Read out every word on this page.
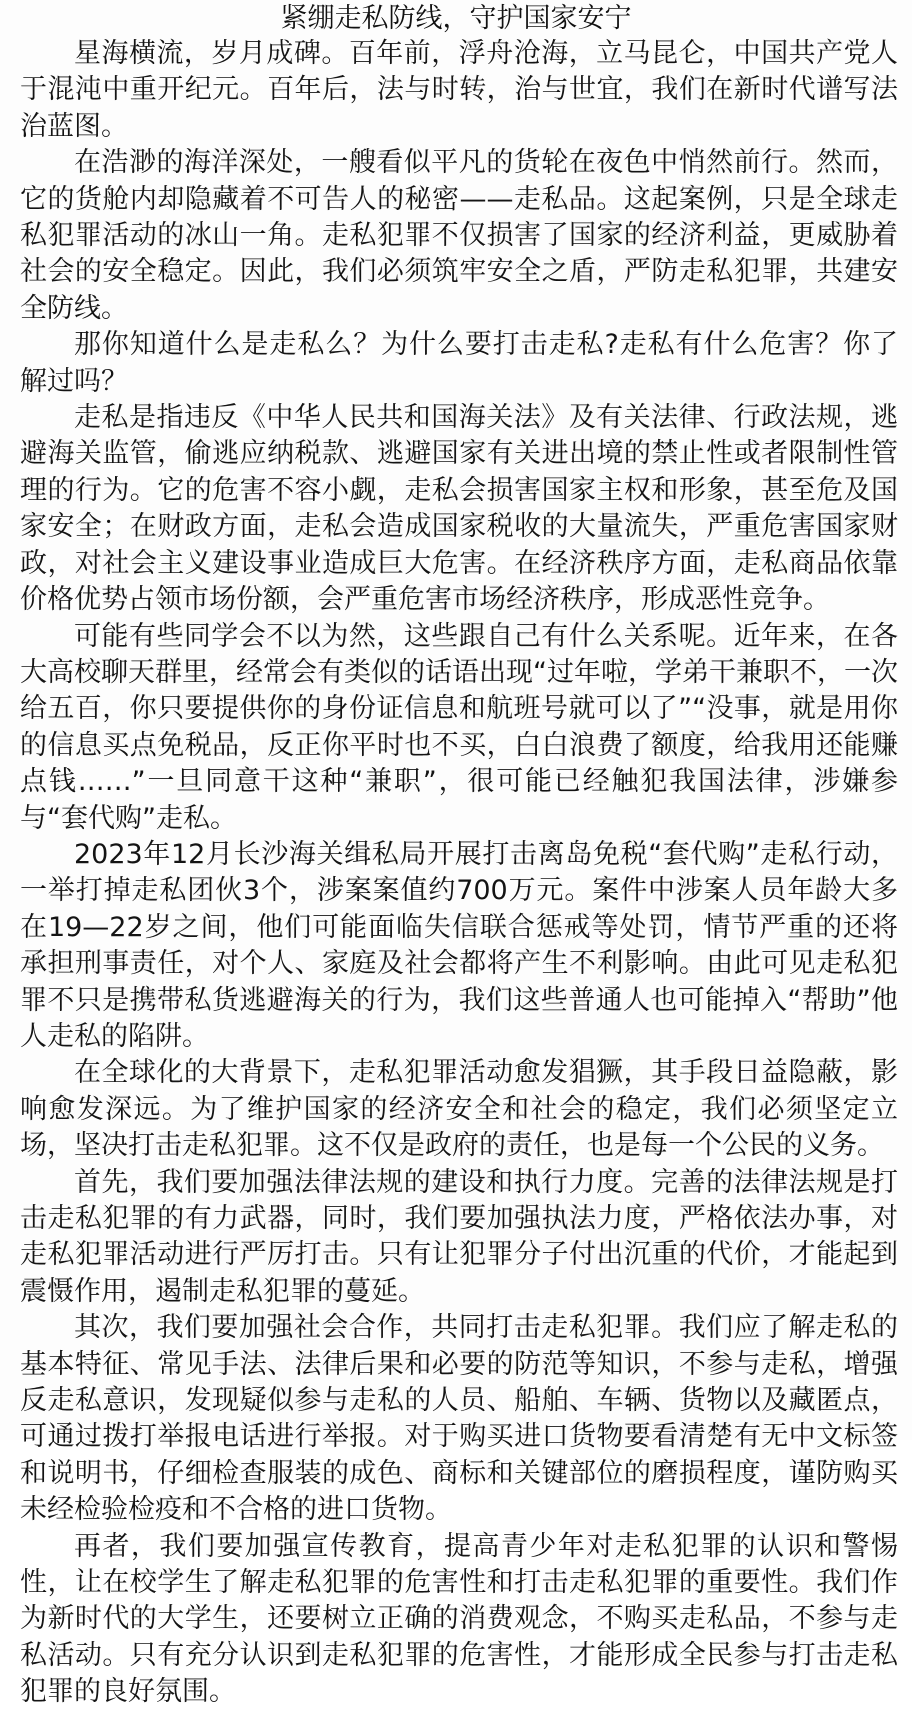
紧绷走私防线，守护国家安宁

星海横流，岁月成碑。百年前，浮舟沧海，立马昆仑，中国共产党人于混沌中重开纪元。百年后，法与时转，治与世宜，我们在新时代谱写法治蓝图。

在浩渺的海洋深处，一艘看似平凡的货轮在夜色中悄然前行。然而，它的货舱内却隐藏着不可告人的秘密——走私品。这起案例，只是全球走私犯罪活动的冰山一角。走私犯罪不仅损害了国家的经济利益，更威胁着社会的安全稳定。因此，我们必须筑牢安全之盾，严防走私犯罪，共建安全防线。

那你知道什么是走私么？为什么要打击走私?走私有什么危害？你了解过吗？

走私是指违反《中华人民共和国海关法》及有关法律、行政法规，逃避海关监管，偷逃应纳税款、逃避国家有关进出境的禁止性或者限制性管理的行为。它的危害不容小觑，走私会损害国家主权和形象，甚至危及国家安全；在财政方面，走私会造成国家税收的大量流失，严重危害国家财政，对社会主义建设事业造成巨大危害。在经济秩序方面，走私商品依靠价格优势占领市场份额，会严重危害市场经济秩序，形成恶性竞争。

可能有些同学会不以为然，这些跟自己有什么关系呢。近年来，在各大高校聊天群里，经常会有类似的话语出现“过年啦，学弟干兼职不，一次给五百，你只要提供你的身份证信息和航班号就可以了”“没事，就是用你的信息买点免税品，反正你平时也不买，白白浪费了额度，给我用还能赚点钱……”一旦同意干这种“兼职”，很可能已经触犯我国法律，涉嫌参与“套代购”走私。

2023年12月长沙海关缉私局开展打击离岛免税“套代购”走私行动，一举打掉走私团伙3个，涉案案值约700万元。案件中涉案人员年龄大多在19—22岁之间，他们可能面临失信联合惩戒等处罚，情节严重的还将承担刑事责任，对个人、家庭及社会都将产生不利影响。由此可见走私犯罪不只是携带私货逃避海关的行为，我们这些普通人也可能掉入“帮助”他人走私的陷阱。

在全球化的大背景下，走私犯罪活动愈发猖獗，其手段日益隐蔽，影响愈发深远。为了维护国家的经济安全和社会的稳定，我们必须坚定立场，坚决打击走私犯罪。这不仅是政府的责任，也是每一个公民的义务。

首先，我们要加强法律法规的建设和执行力度。完善的法律法规是打击走私犯罪的有力武器，同时，我们要加强执法力度，严格依法办事，对走私犯罪活动进行严厉打击。只有让犯罪分子付出沉重的代价，才能起到震慑作用，遏制走私犯罪的蔓延。

其次，我们要加强社会合作，共同打击走私犯罪。我们应了解走私的基本特征、常见手法、法律后果和必要的防范等知识，不参与走私，增强反走私意识，发现疑似参与走私的人员、船舶、车辆、货物以及藏匿点，可通过拨打举报电话进行举报。对于购买进口货物要看清楚有无中文标签和说明书，仔细检查服装的成色、商标和关键部位的磨损程度，谨防购买未经检验检疫和不合格的进口货物。

再者，我们要加强宣传教育，提高青少年对走私犯罪的认识和警惕性，让在校学生了解走私犯罪的危害性和打击走私犯罪的重要性。我们作为新时代的大学生，还要树立正确的消费观念，不购买走私品，不参与走私活动。只有充分认识到走私犯罪的危害性，才能形成全民参与打击走私犯罪的良好氛围。
